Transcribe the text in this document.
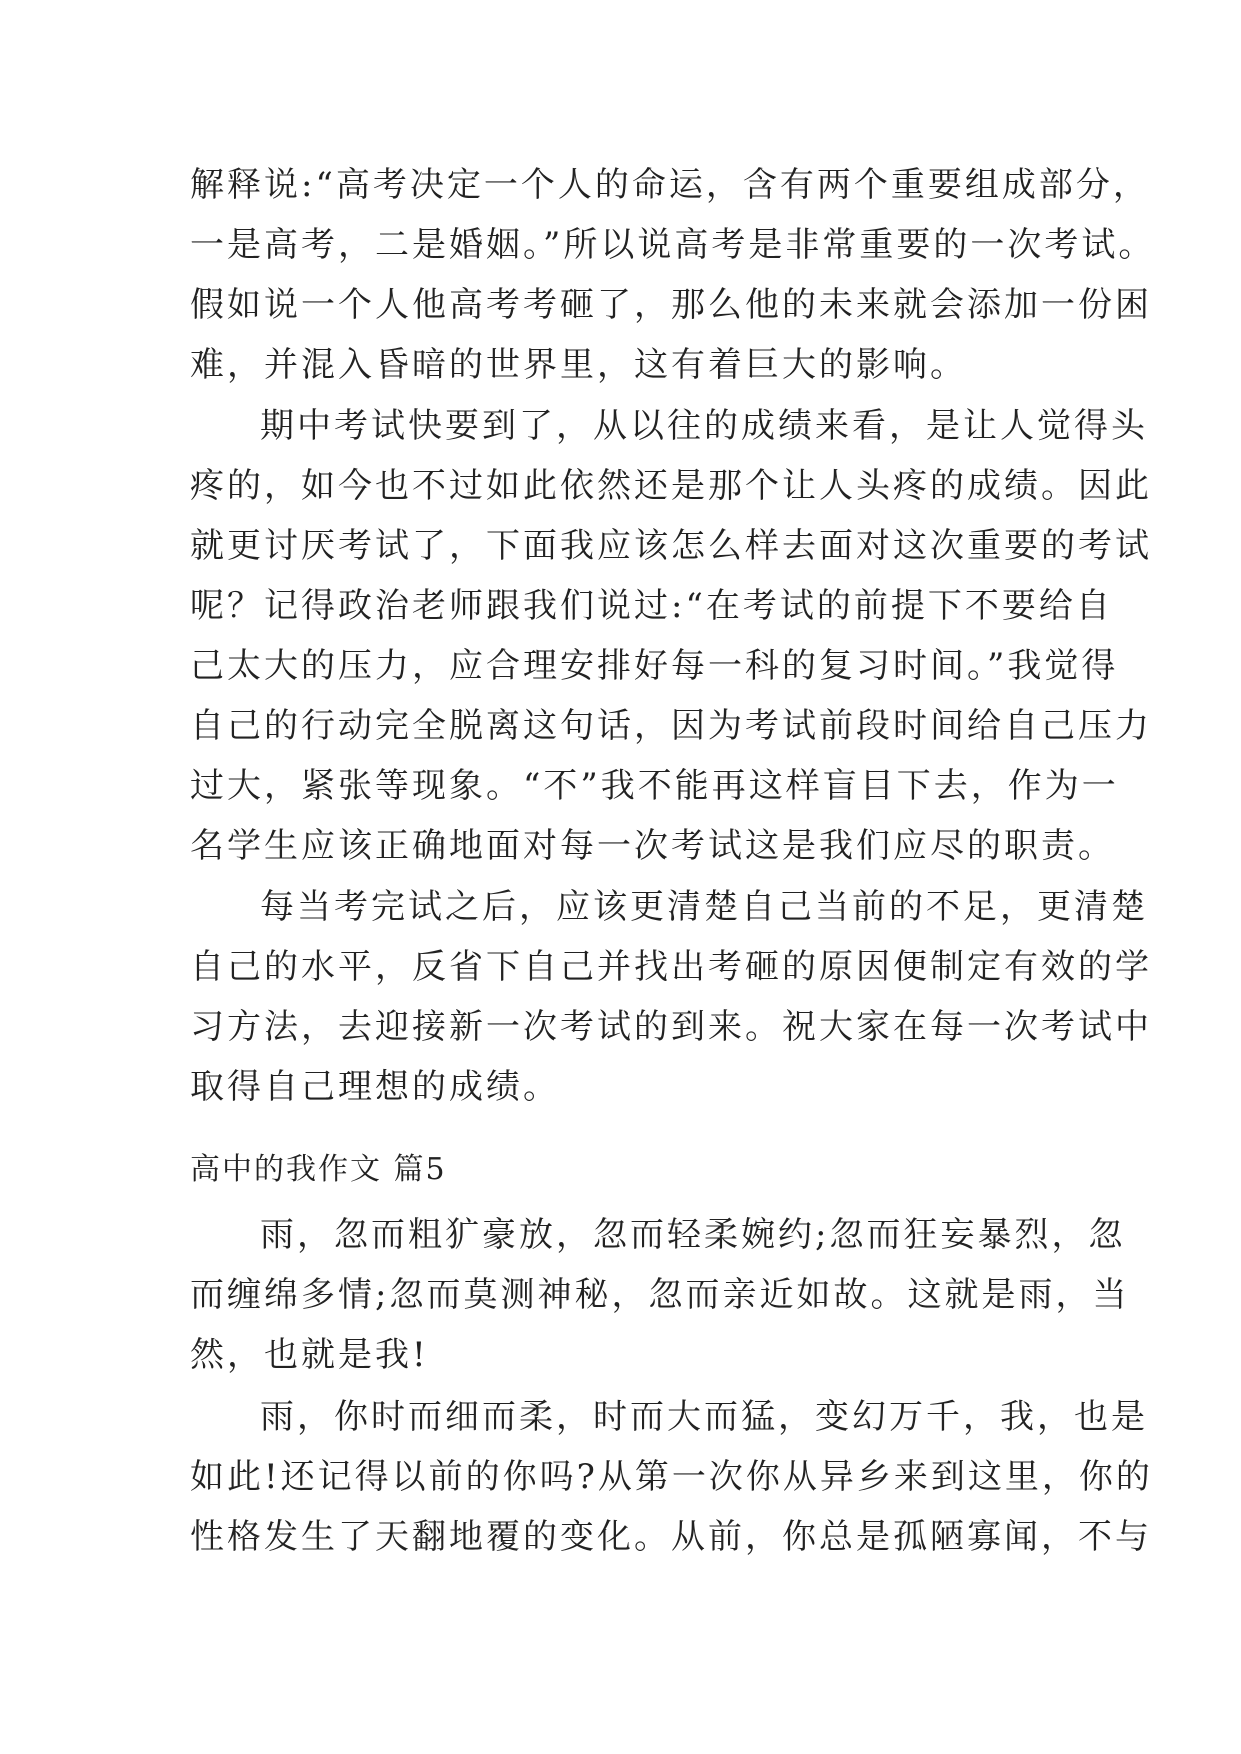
解释说:“高考决定一个人的命运，含有两个重要组成部分，
一是高考，二是婚姻。”所以说高考是非常重要的一次考试。
假如说一个人他高考考砸了，那么他的未来就会添加一份困
难，并混入昏暗的世界里，这有着巨大的影响。
期中考试快要到了，从以往的成绩来看，是让人觉得头
疼的，如今也不过如此依然还是那个让人头疼的成绩。因此
就更讨厌考试了，下面我应该怎么样去面对这次重要的考试
呢？记得政治老师跟我们说过:“在考试的前提下不要给自
己太大的压力，应合理安排好每一科的复习时间。”我觉得
自己的行动完全脱离这句话，因为考试前段时间给自己压力
过大，紧张等现象。“不”我不能再这样盲目下去，作为一
名学生应该正确地面对每一次考试这是我们应尽的职责。
每当考完试之后，应该更清楚自己当前的不足，更清楚
自己的水平，反省下自己并找出考砸的原因便制定有效的学
习方法，去迎接新一次考试的到来。祝大家在每一次考试中
取得自己理想的成绩。
高中的我作文 篇5
雨，忽而粗犷豪放，忽而轻柔婉约;忽而狂妄暴烈，忽
而缠绵多情;忽而莫测神秘，忽而亲近如故。这就是雨，当
然，也就是我!
雨，你时而细而柔，时而大而猛，变幻万千，我，也是
如此!还记得以前的你吗?从第一次你从异乡来到这里，你的
性格发生了天翻地覆的变化。从前，你总是孤陋寡闻，不与
